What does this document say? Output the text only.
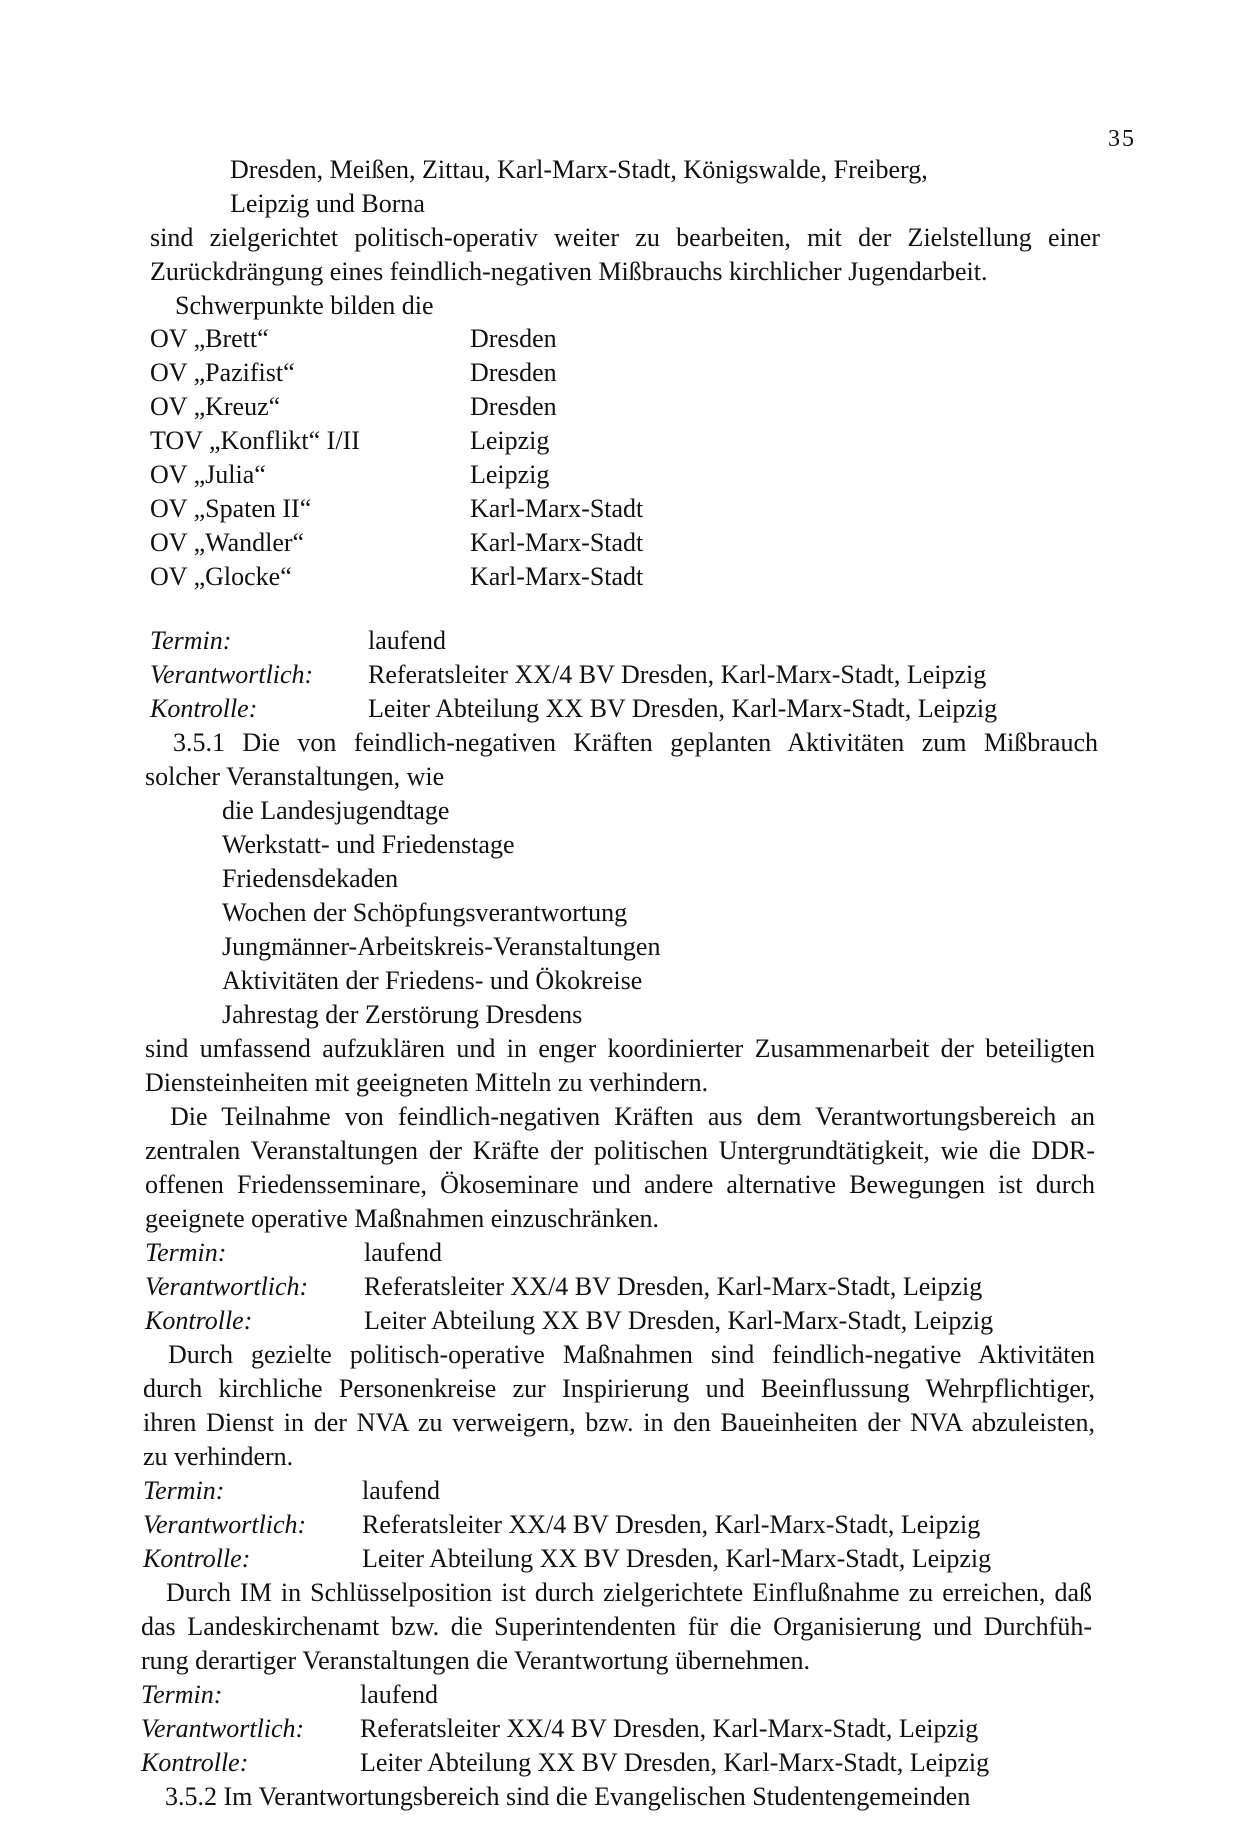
35
Dresden, Meißen, Zittau, Karl-Marx-Stadt, Königswalde, Freiberg,
Leipzig und Borna
sind zielgerichtet politisch-operativ weiter zu bearbeiten, mit der Zielstellung einer
Zurückdrängung eines feindlich-negativen Mißbrauchs kirchlicher Jugendarbeit.
Schwerpunkte bilden die
OV „Brett“	Dresden
OV „Pazifist“	Dresden
OV „Kreuz“	Dresden
TOV „Konflikt“ I/II	Leipzig
OV „Julia“	Leipzig
OV „Spaten II“	Karl-Marx-Stadt
OV „Wandler“	Karl-Marx-Stadt
OV „Glocke“	Karl-Marx-Stadt
Termin:	laufend
Verantwortlich: Referatsleiter XX/4 BV Dresden, Karl-Marx-Stadt, Leipzig
Kontrolle:	Leiter Abteilung XX BV Dresden, Karl-Marx-Stadt, Leipzig
3.5.1 Die von feindlich-negativen Kräften geplanten Aktivitäten zum Mißbrauch
solcher Veranstaltungen, wie
die Landesjugendtage
Werkstatt- und Friedenstage
Friedensdekaden
Wochen der Schöpfungsverantwortung
Jungmänner-Arbeitskreis-Veranstaltungen
Aktivitäten der Friedens- und Ökokreise
Jahrestag der Zerstörung Dresdens
sind umfassend aufzuklären und in enger koordinierter Zusammenarbeit der beteiligten
Diensteinheiten mit geeigneten Mitteln zu verhindern.
Die Teilnahme von feindlich-negativen Kräften aus dem Verantwortungsbereich an
zentralen Veranstaltungen der Kräfte der politischen Untergrundtätigkeit, wie die DDR-
offenen Friedensseminare, Ökoseminare und andere alternative Bewegungen ist durch
geeignete operative Maßnahmen einzuschränken.
Termin:	laufend
Verantwortlich: Referatsleiter XX/4 BV Dresden, Karl-Marx-Stadt, Leipzig
Kontrolle:	Leiter Abteilung XX BV Dresden, Karl-Marx-Stadt, Leipzig
Durch gezielte politisch-operative Maßnahmen sind feindlich-negative Aktivitäten
durch kirchliche Personenkreise zur Inspirierung und Beeinflussung Wehrpflichtiger,
ihren Dienst in der NVA zu verweigern, bzw. in den Baueinheiten der NVA abzuleisten,
zu verhindern.
Termin:	laufend
Verantwortlich: Referatsleiter XX/4 BV Dresden, Karl-Marx-Stadt, Leipzig
Kontrolle:	Leiter Abteilung XX BV Dresden, Karl-Marx-Stadt, Leipzig
Durch IM in Schlüsselposition ist durch zielgerichtete Einflußnahme zu erreichen, daß
das Landeskirchenamt bzw. die Superintendenten für die Organisierung und Durchfüh-
rung derartiger Veranstaltungen die Verantwortung übernehmen.
Termin:	laufend
Verantwortlich: Referatsleiter XX/4 BV Dresden, Karl-Marx-Stadt, Leipzig
Kontrolle:	Leiter Abteilung XX BV Dresden, Karl-Marx-Stadt, Leipzig
3.5.2 Im Verantwortungsbereich sind die Evangelischen Studentengemeinden
